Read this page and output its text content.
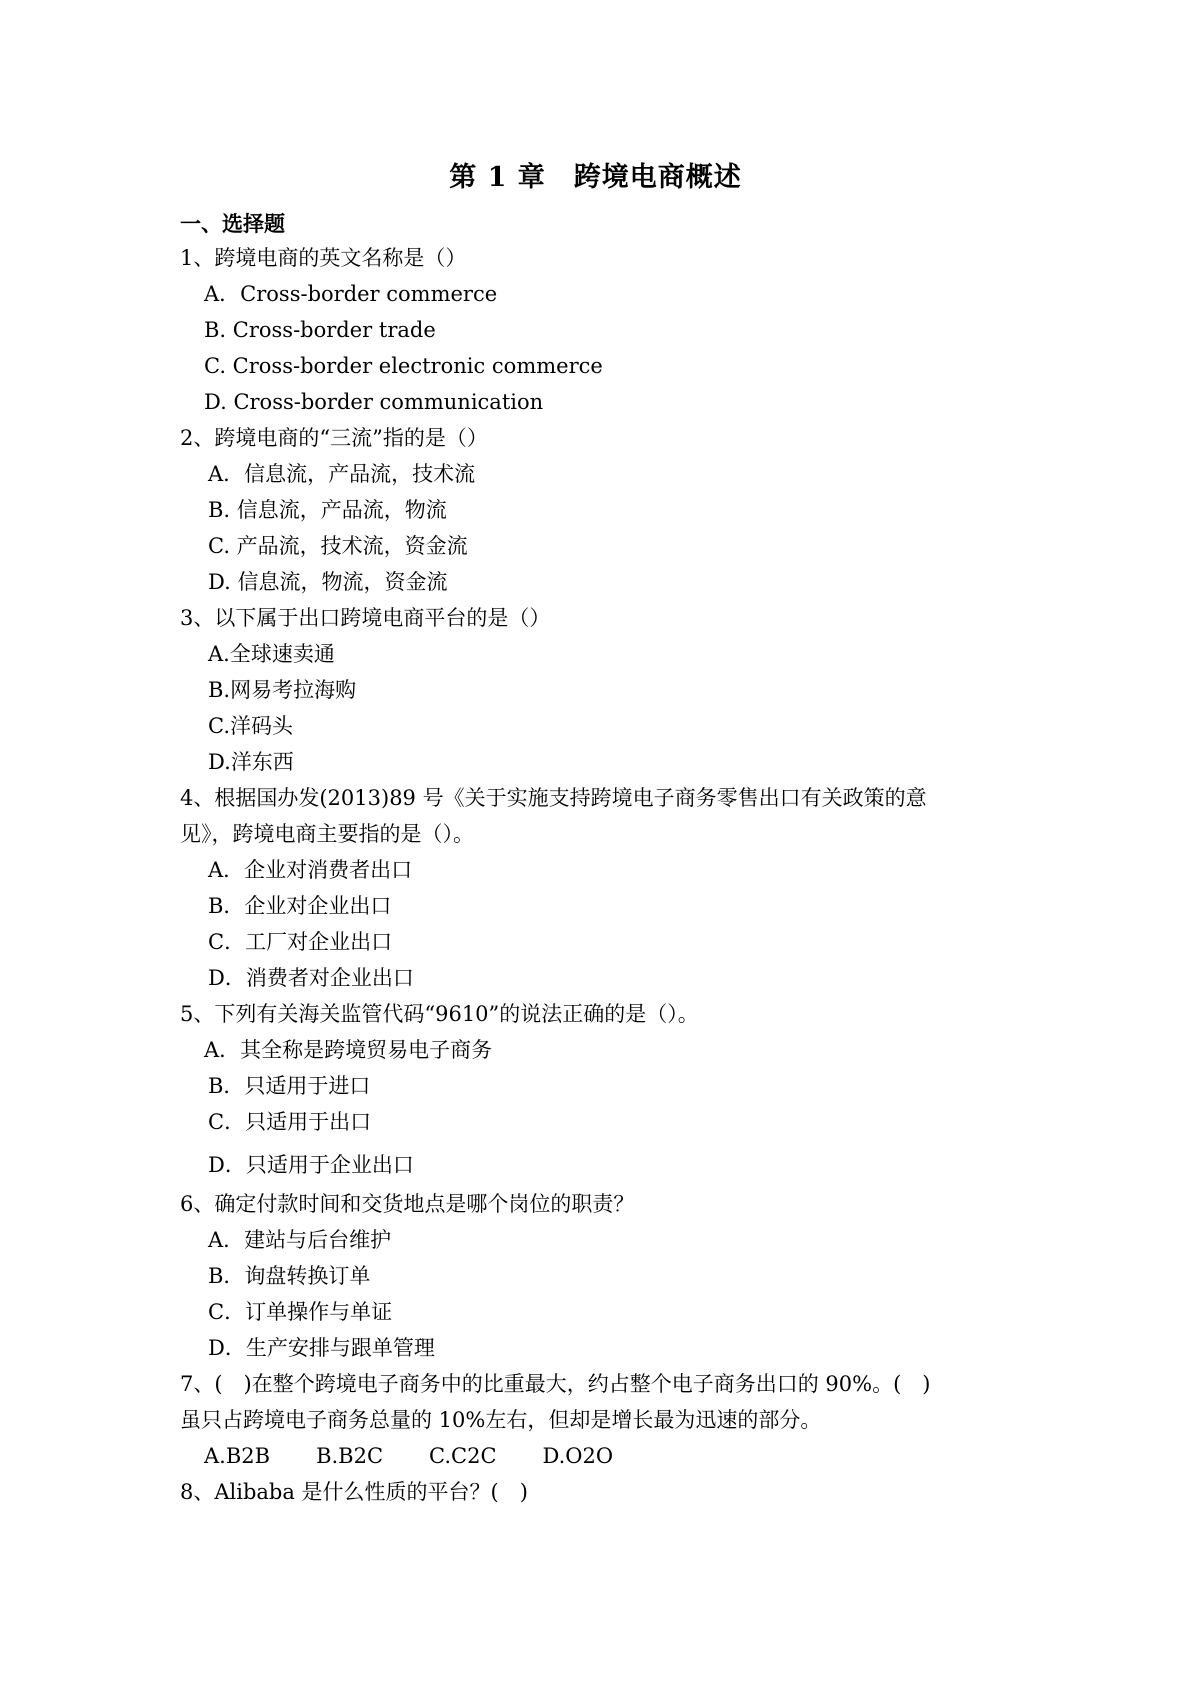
第 1 章　跨境电商概述
一、选择题
1、跨境电商的英文名称是（）
A．Cross-border commerce
B. Cross-border trade
C. Cross-border electronic commerce
D. Cross-border communication
2、跨境电商的“三流”指的是（）
A．信息流，产品流，技术流
B. 信息流，产品流，物流
C. 产品流，技术流，资金流
D. 信息流，物流，资金流
3、以下属于出口跨境电商平台的是（）
A.全球速卖通
B.网易考拉海购
C.洋码头
D.洋东西
4、根据国办发(2013)89 号《关于实施支持跨境电子商务零售出口有关政策的意
见》，跨境电商主要指的是（）。
A．企业对消费者出口
B．企业对企业出口
C．工厂对企业出口
D．消费者对企业出口
5、下列有关海关监管代码“9610”的说法正确的是（）。
A．其全称是跨境贸易电子商务
B．只适用于进口
C．只适用于出口
D．只适用于企业出口
6、确定付款时间和交货地点是哪个岗位的职责？
A．建站与后台维护
B．询盘转换订单
C．订单操作与单证
D．生产安排与跟单管理
7、(　)在整个跨境电子商务中的比重最大，约占整个电子商务出口的 90%。(　)
虽只占跨境电子商务总量的 10%左右，但却是增长最为迅速的部分。
A.B2B B.B2C C.C2C D.O2O
8、Alibaba 是什么性质的平台？(　)
